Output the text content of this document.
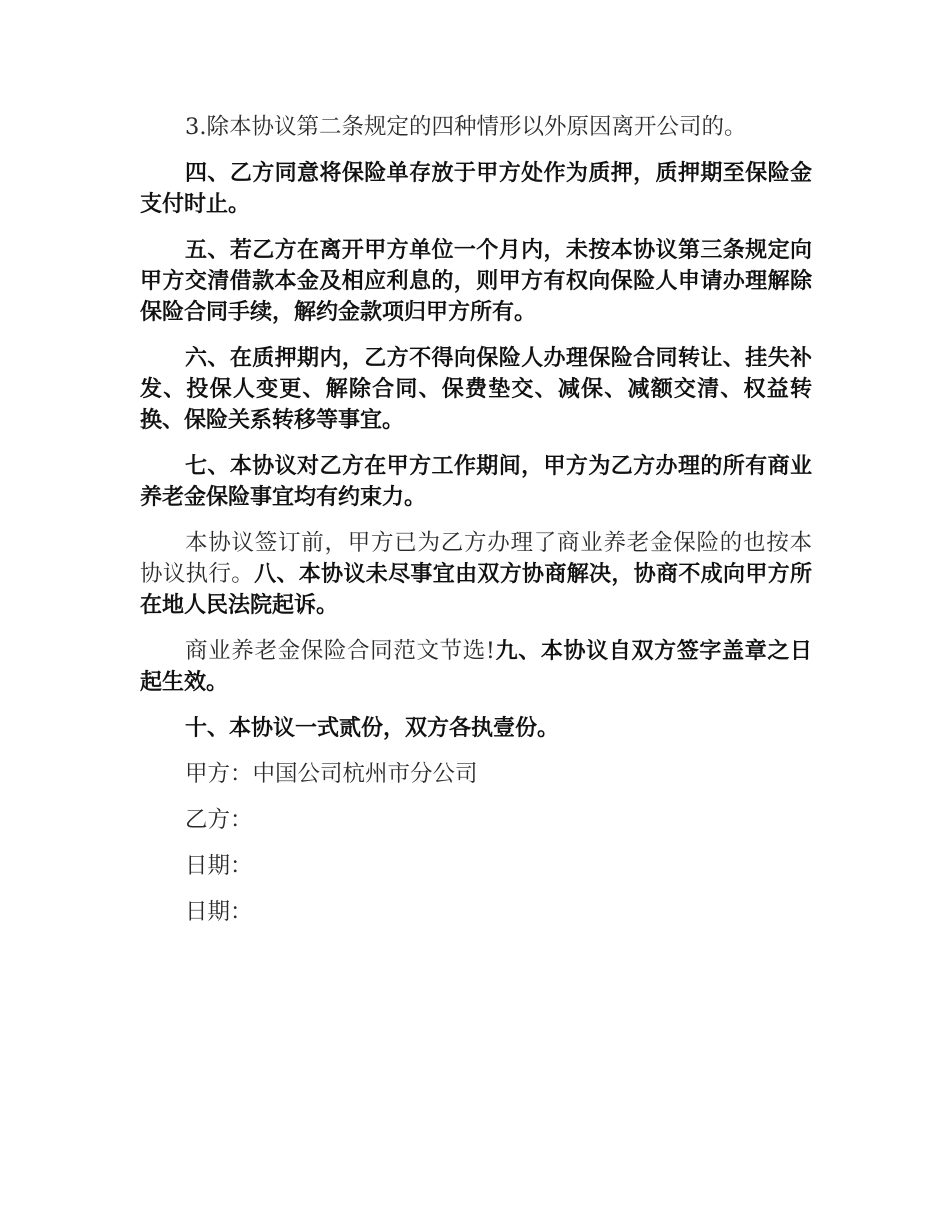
3.除本协议第二条规定的四种情形以外原因离开公司的。

四、乙方同意将保险单存放于甲方处作为质押，质押期至保险金支付时止。

五、若乙方在离开甲方单位一个月内，未按本协议第三条规定向甲方交清借款本金及相应利息的，则甲方有权向保险人申请办理解除保险合同手续，解约金款项归甲方所有。

六、在质押期内，乙方不得向保险人办理保险合同转让、挂失补发、投保人变更、解除合同、保费垫交、减保、减额交清、权益转换、保险关系转移等事宜。

七、本协议对乙方在甲方工作期间，甲方为乙方办理的所有商业养老金保险事宜均有约束力。

本协议签订前，甲方已为乙方办理了商业养老金保险的也按本协议执行。八、本协议未尽事宜由双方协商解决，协商不成向甲方所在地人民法院起诉。

商业养老金保险合同范文节选!九、本协议自双方签字盖章之日起生效。

十、本协议一式贰份，双方各执壹份。

甲方：中国公司杭州市分公司
乙方：
日期：
日期：
